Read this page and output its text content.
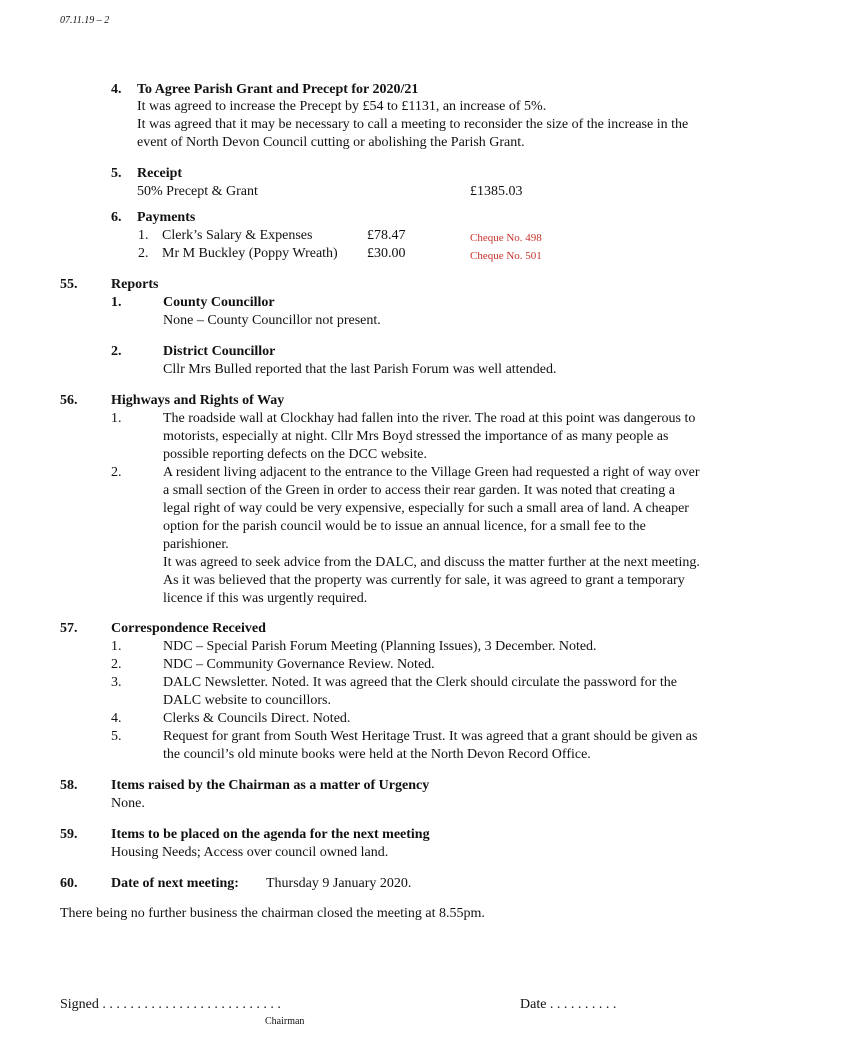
07.11.19 – 2
4. To Agree Parish Grant and Precept for 2020/21
It was agreed to increase the Precept by £54 to £1131, an increase of 5%.
It was agreed that it may be necessary to call a meeting to reconsider the size of the increase in the
event of North Devon Council cutting or abolishing the Parish Grant.
5. Receipt
50% Precept & Grant	£1385.03
6. Payments
1. Clerk’s Salary & Expenses	£78.47	Cheque No. 498
2. Mr M Buckley (Poppy Wreath) £30.00	Cheque No. 501
55. Reports
1.	County Councillor
None – County Councillor not present.
2.	District Councillor
Cllr Mrs Bulled reported that the last Parish Forum was well attended.
56. Highways and Rights of Way
1.	The roadside wall at Clockhay had fallen into the river. The road at this point was dangerous to
motorists, especially at night. Cllr Mrs Boyd stressed the importance of as many people as
possible reporting defects on the DCC website.
2.	A resident living adjacent to the entrance to the Village Green had requested a right of way over
a small section of the Green in order to access their rear garden. It was noted that creating a
legal right of way could be very expensive, especially for such a small area of land. A cheaper
option for the parish council would be to issue an annual licence, for a small fee to the
parishioner.
It was agreed to seek advice from the DALC, and discuss the matter further at the next meeting.
As it was believed that the property was currently for sale, it was agreed to grant a temporary
licence if this was urgently required.
57. Correspondence Received
1.	NDC – Special Parish Forum Meeting (Planning Issues), 3 December. Noted.
2.	NDC – Community Governance Review. Noted.
3.	DALC Newsletter. Noted. It was agreed that the Clerk should circulate the password for the
DALC website to councillors.
4.	Clerks & Councils Direct. Noted.
5.	Request for grant from South West Heritage Trust. It was agreed that a grant should be given as
the council’s old minute books were held at the North Devon Record Office.
58. Items raised by the Chairman as a matter of Urgency
None.
59. Items to be placed on the agenda for the next meeting
Housing Needs; Access over council owned land.
60. Date of next meeting: Thursday 9 January 2020.
There being no further business the chairman closed the meeting at 8.55pm.
Signed . . . . . . . . . . . . . . . . . . . . . . . . . .
Chairman
Date . . . . . . . . . .
